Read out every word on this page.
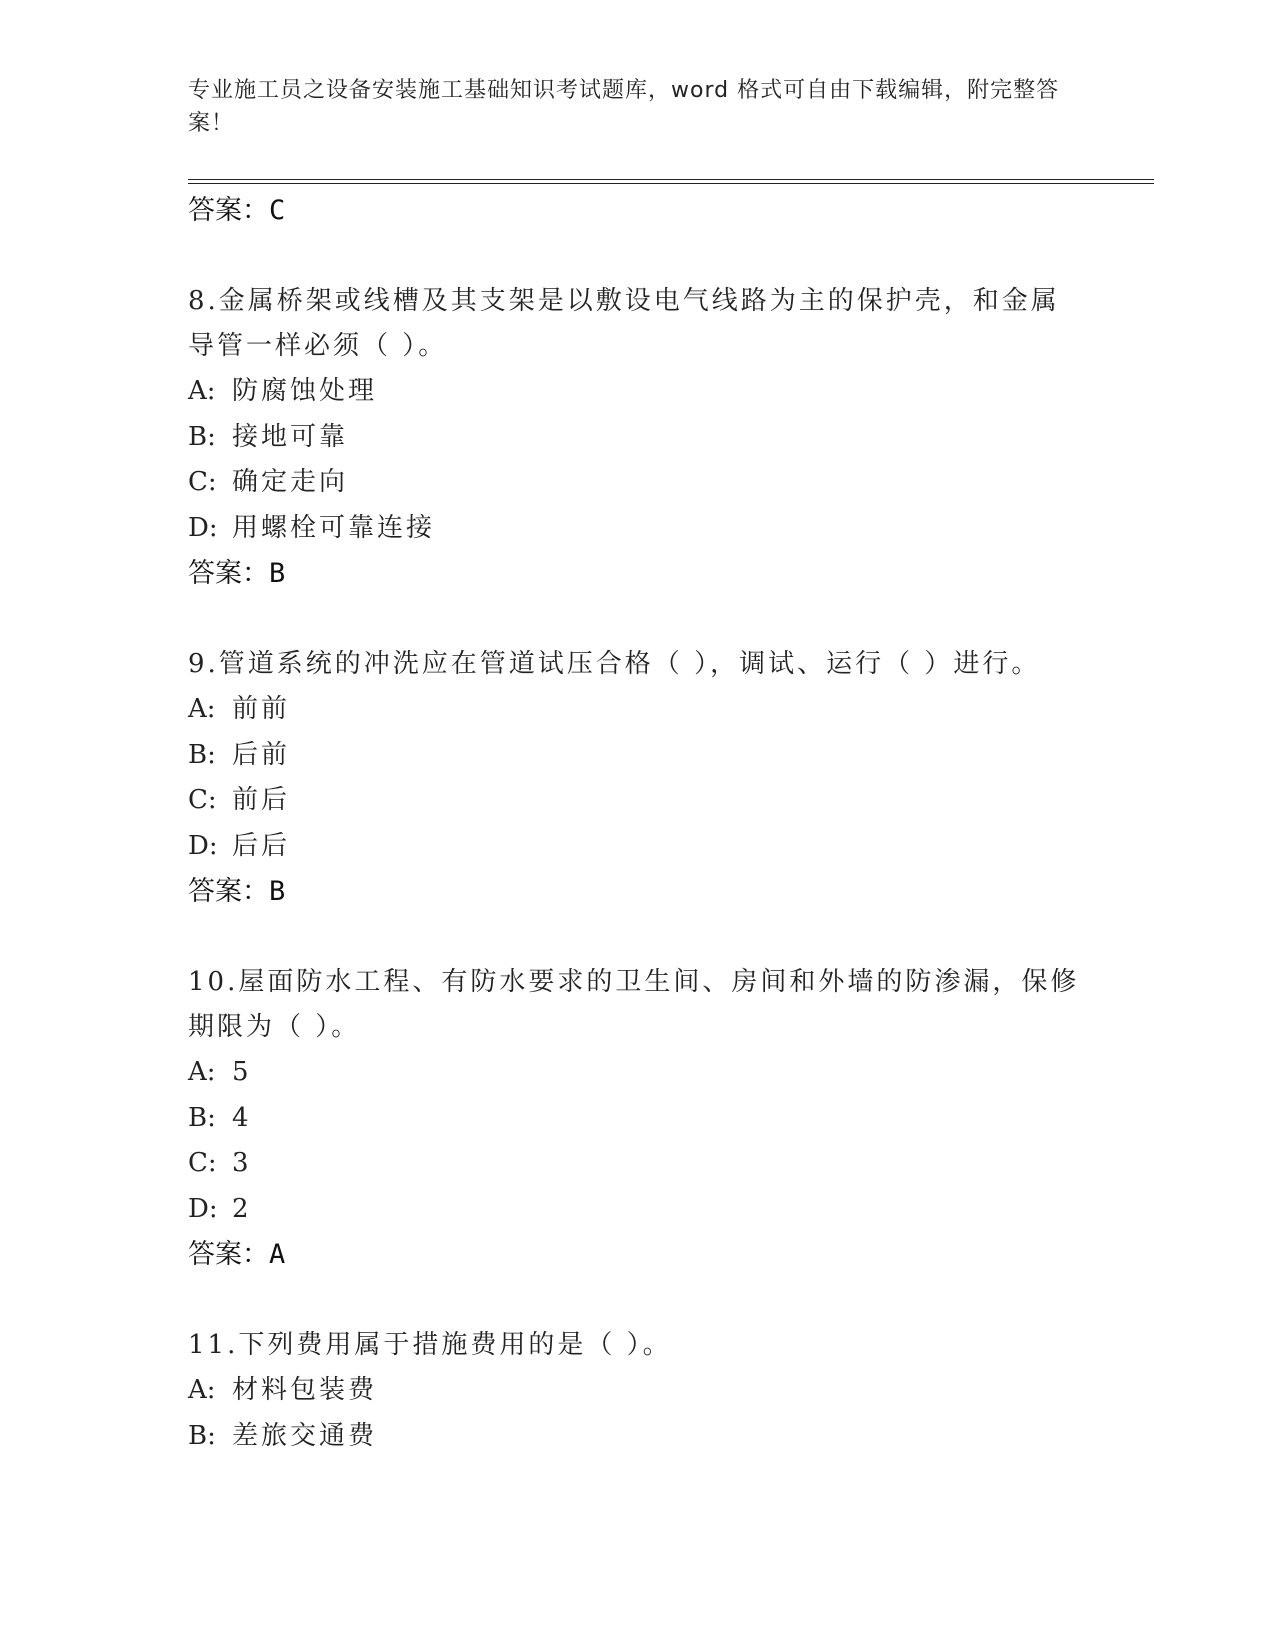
专业施工员之设备安装施工基础知识考试题库，word 格式可自由下载编辑，附完整答案！
答案：C

8.金属桥架或线槽及其支架是以敷设电气线路为主的保护壳，和金属导管一样必须（ ）。

A: 防腐蚀处理
B: 接地可靠
C: 确定走向
D: 用螺栓可靠连接
答案：B

9.管道系统的冲洗应在管道试压合格（ ），调试、运行（ ）进行。

A: 前前
B: 后前
C: 前后
D: 后后
答案：B

10.屋面防水工程、有防水要求的卫生间、房间和外墙的防渗漏，保修期限为（ ）。

A: 5
B: 4
C: 3
D: 2
答案：A

11.下列费用属于措施费用的是（ ）。

A: 材料包装费
B: 差旅交通费
